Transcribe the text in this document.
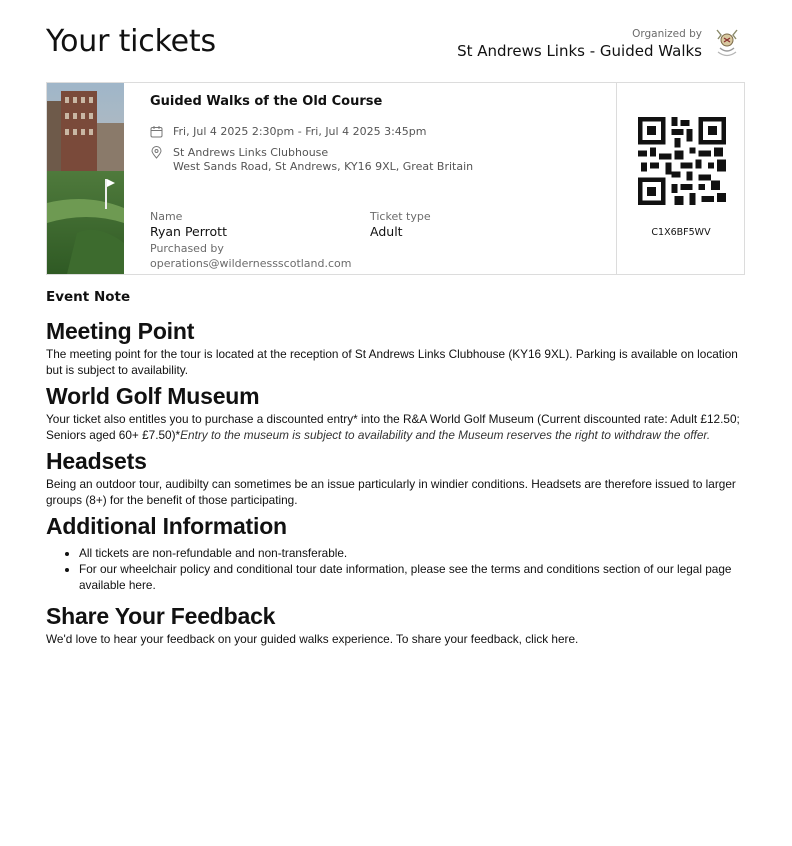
Your tickets	Organized by
St Andrews Links - Guided Walks
Guided Walks of the Old Course
Fri, Jul 4 2025 2:30pm - Fri, Jul 4 2025 3:45pm
St Andrews Links Clubhouse
West Sands Road, St Andrews, KY16 9XL, Great Britain
Name
Ryan Perrott
Ticket type
Adult
Purchased by
operations@wildernessscotland.com
C1X6BF5WV
Event Note
Meeting Point

The meeting point for the tour is located at the reception of St Andrews Links Clubhouse (KY16 9XL). Parking is available on location but is subject to availability.

World Golf Museum

Your ticket also entitles you to purchase a discounted entry* into the R&A World Golf Museum (Current discounted rate: Adult £12.50; Seniors aged 60+ £7.50)*Entry to the museum is subject to availability and the Museum reserves the right to withdraw the offer.

Headsets

Being an outdoor tour, audibilty can sometimes be an issue particularly in windier conditions. Headsets are therefore issued to larger groups (8+) for the benefit of those participating.

Additional Information
• All tickets are non-refundable and non-transferable.
• For our wheelchair policy and conditional tour date information, please see the terms and conditions section of our legal page available here.
Share Your Feedback

We'd love to hear your feedback on your guided walks experience. To share your feedback, click here.
